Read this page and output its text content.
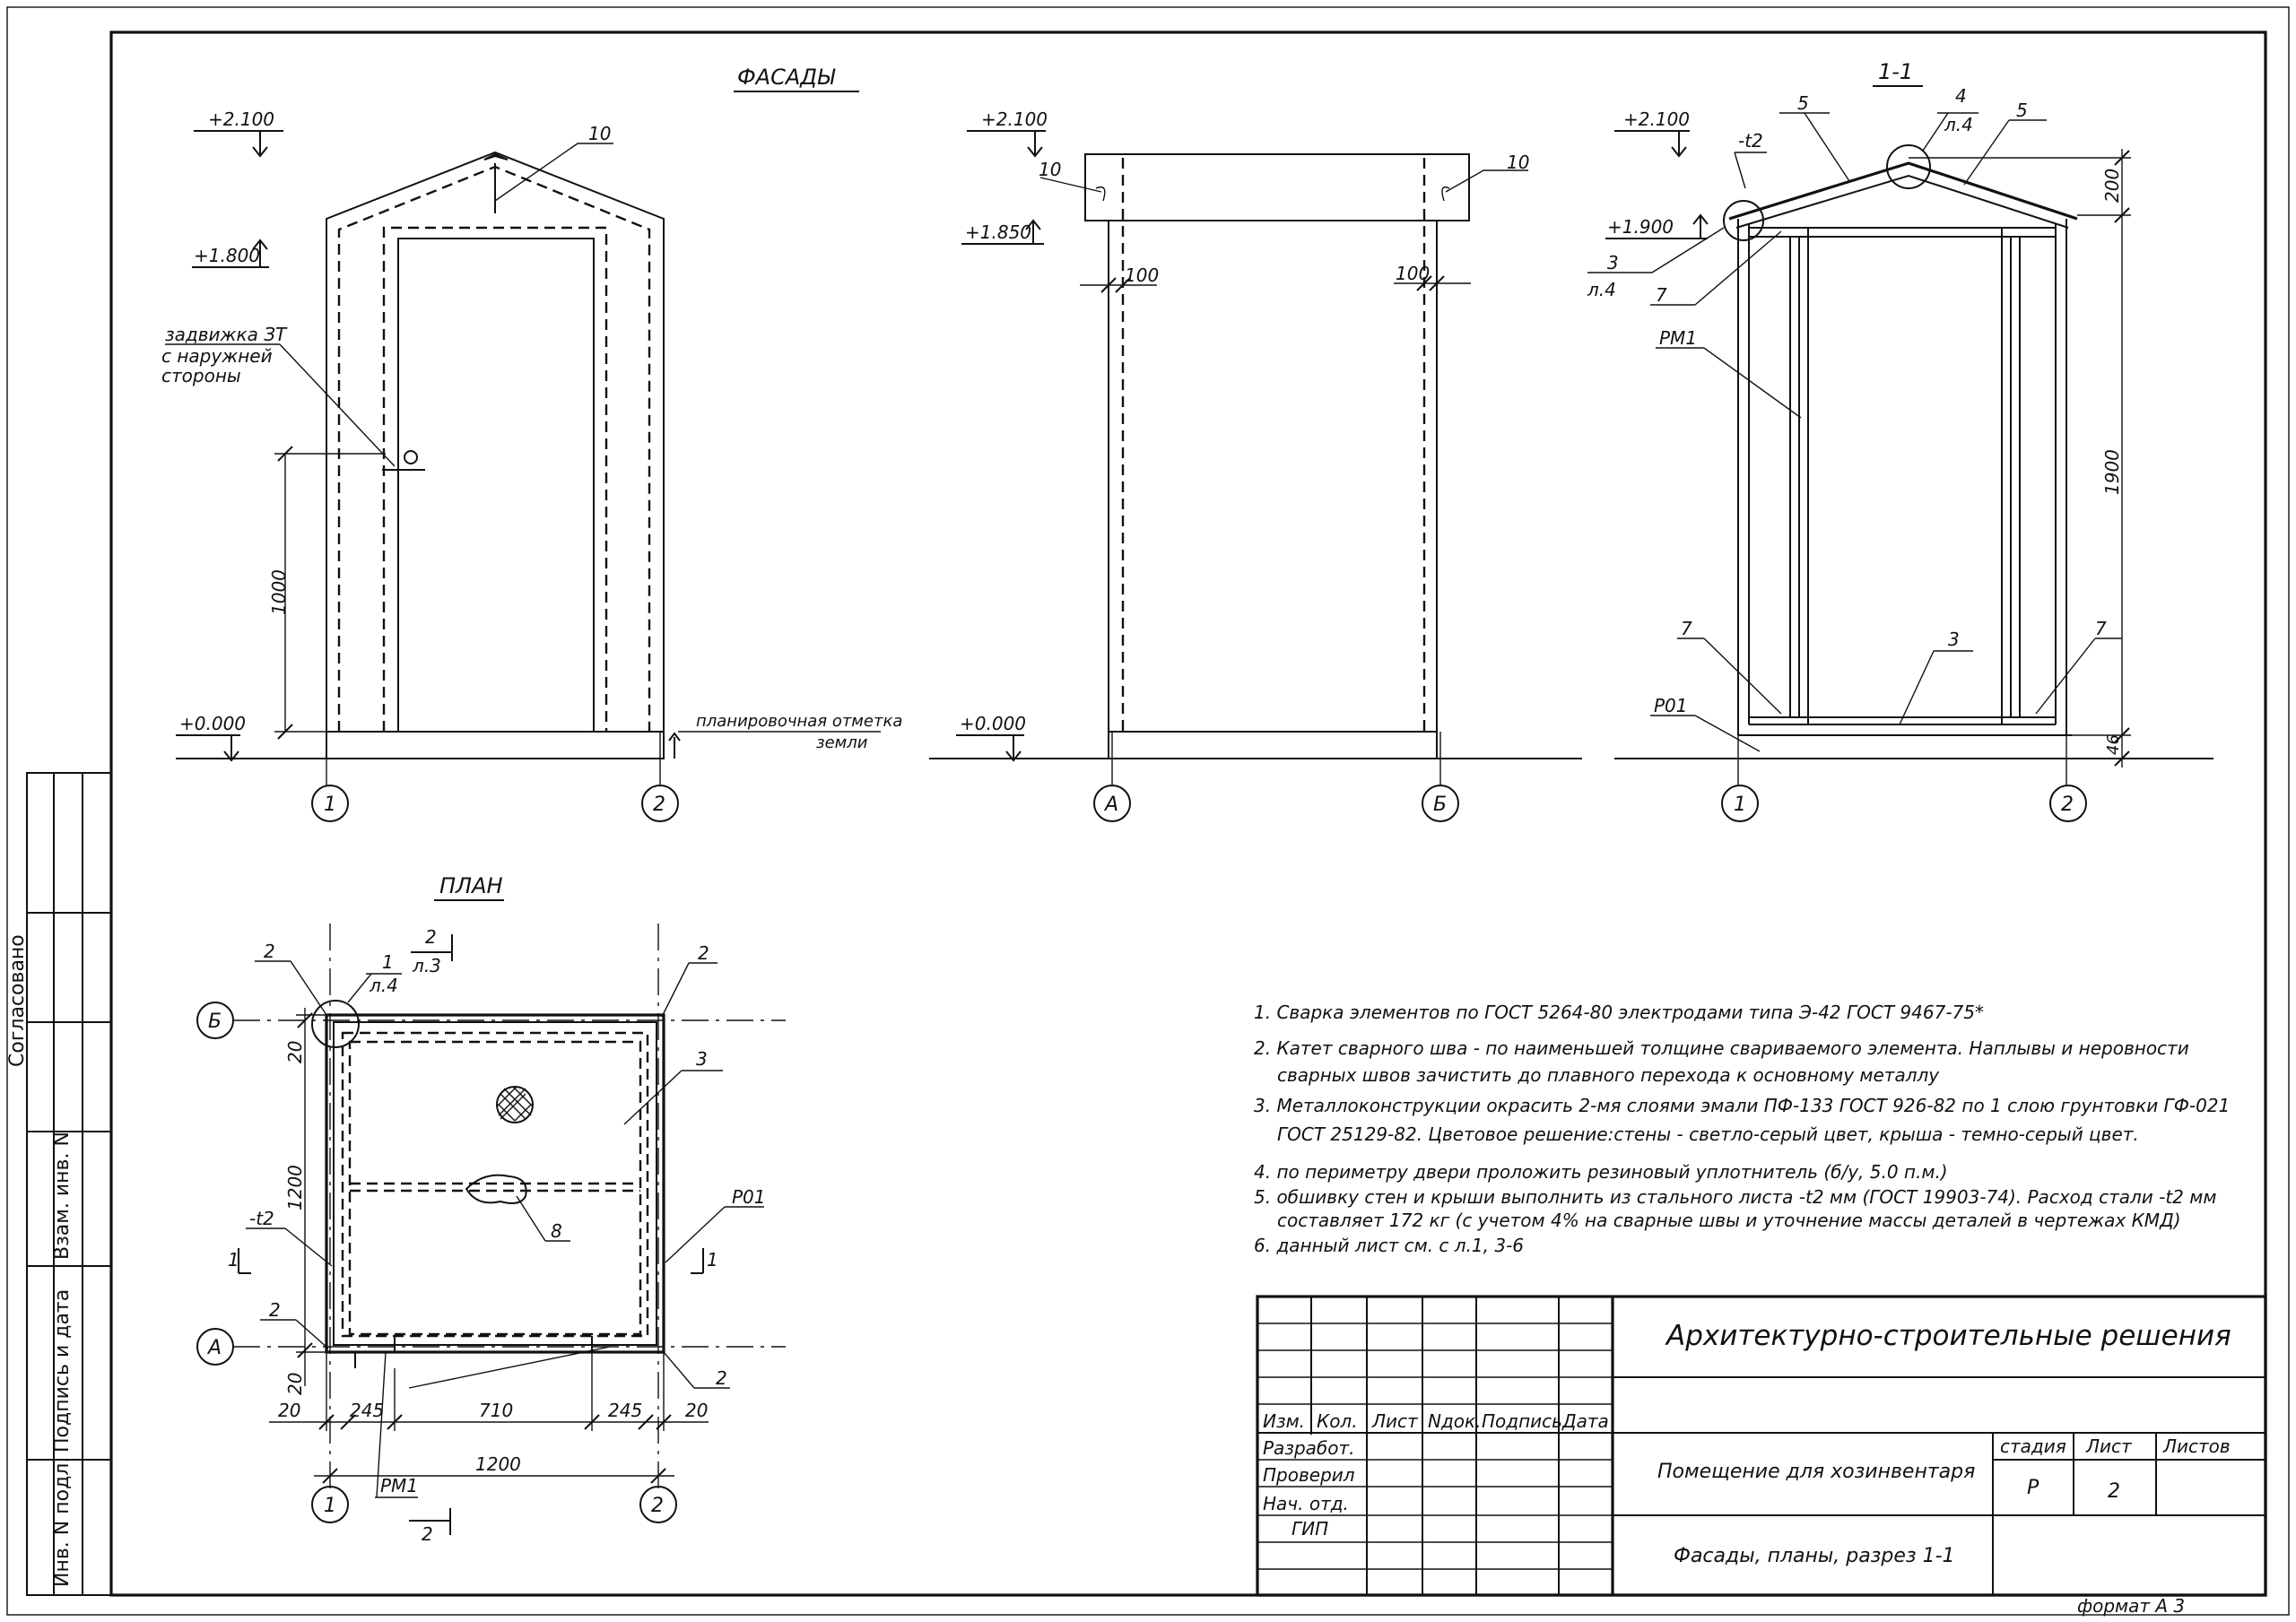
Согласовано
Взам. инв. N
Подпись и дата
Инв. N подл.
ФАСАДЫ	1-1
ПЛАН
задвижка ЗТ
с наружней
стороны
10
+2.100
+1.800
+0.000
1000
планировочная отметка
земли
1	2
10	10
+2.100
+1.850
+0.000
100	100
А	Б
+2.100
+1.900
-t2
5	5
4
л.4
3
л.4 7
РМ1
7	3	7
Р01
200
1900
46
1	2
8
2	1
л.4
2
л.3
2
3
-t2
Р01
2
2
РМ1
1	1
2
20
1200
20
20	245	710	245 20
1200
Б
А
1	2
1. Сварка элементов по ГОСТ 5264-80 электродами типа Э-42 ГОСТ 9467-75*
2. Катет сварного шва - по наименьшей толщине свариваемого элемента. Наплывы и неровности
сварных швов зачистить до плавного перехода к основному металлу
3. Металлоконструкции окрасить 2-мя слоями эмали ПФ-133 ГОСТ 926-82 по 1 слою грунтовки ГФ-021
ГОСТ 25129-82. Цветовое решение:стены - светло-серый цвет, крыша - темно-серый цвет.
4. по периметру двери проложить резиновый уплотнитель (б/у, 5.0 п.м.)
5. обшивку стен и крыши выполнить из стального листа -t2 мм (ГОСТ 19903-74). Расход стали -t2 мм
составляет 172 кг (с учетом 4% на сварные швы и уточнение массы деталей в чертежах КМД)
6. данный лист см. с л.1, 3-6
Архитектурно-строительные решения
Изм. Кол. Лист Nдок. Подпись Дата
Разработ.
Проверил
Нач. отд.
ГИП
Помещение для хозинвентаря
Фасады, планы, разрез 1-1
стадия Лист Листов
Р	2
формат А 3
